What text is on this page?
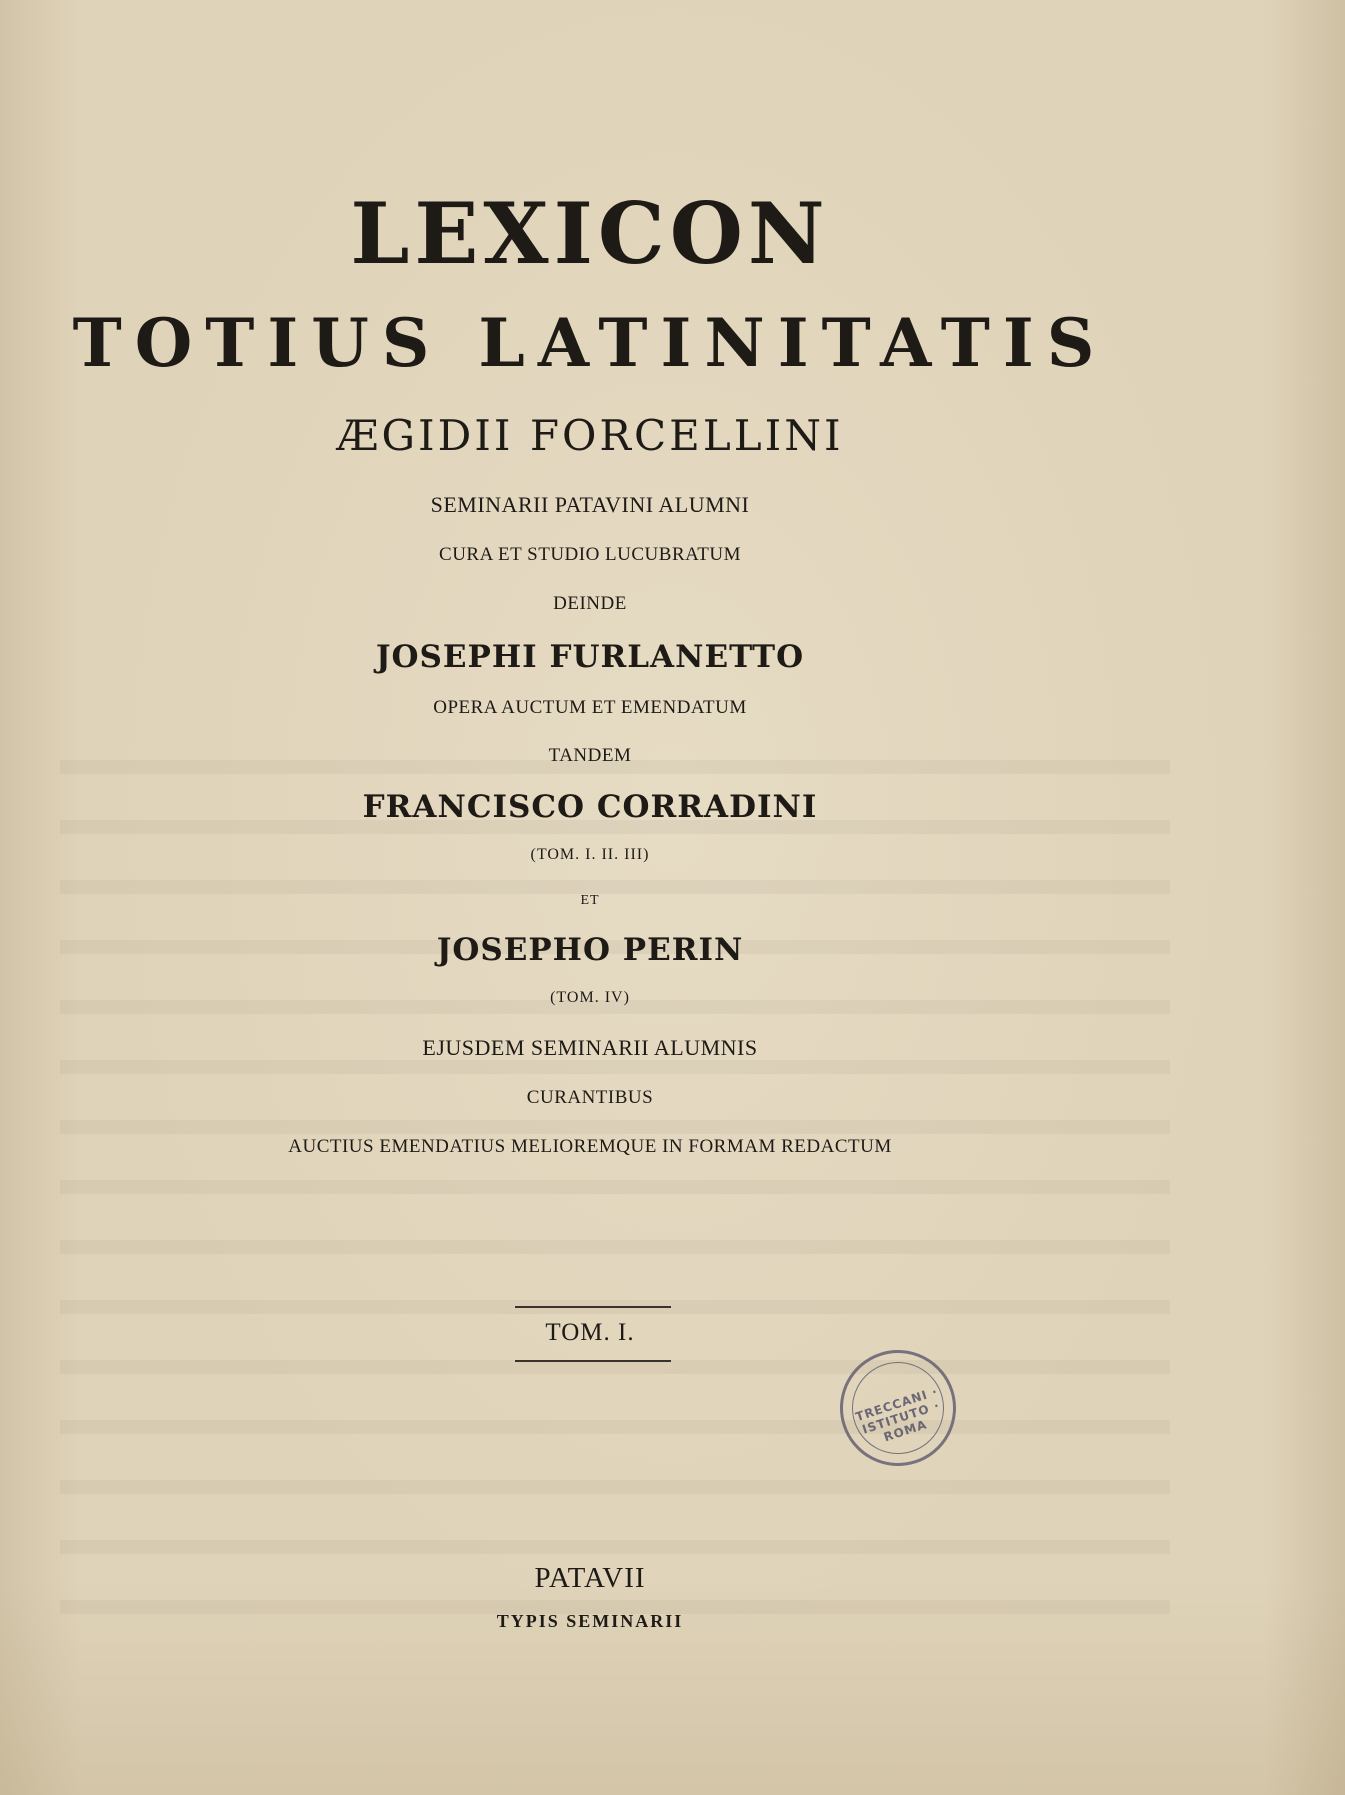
LEXICON
TOTIUS LATINITATIS
ÆGIDII FORCELLINI
SEMINARII PATAVINI ALUMNI
CURA ET STUDIO LUCUBRATUM
DEINDE
JOSEPHI FURLANETTO
OPERA AUCTUM ET EMENDATUM
TANDEM
FRANCISCO CORRADINI
(TOM. I. II. III)
ET
JOSEPHO PERIN
(TOM. IV)
EJUSDEM SEMINARII ALUMNIS
CURANTIBUS
AUCTIUS EMENDATIUS MELIOREMQUE IN FORMAM REDACTUM
TOM. I.
TRECCANI · ISTITUTO · ROMA
PATAVII
TYPIS SEMINARII
